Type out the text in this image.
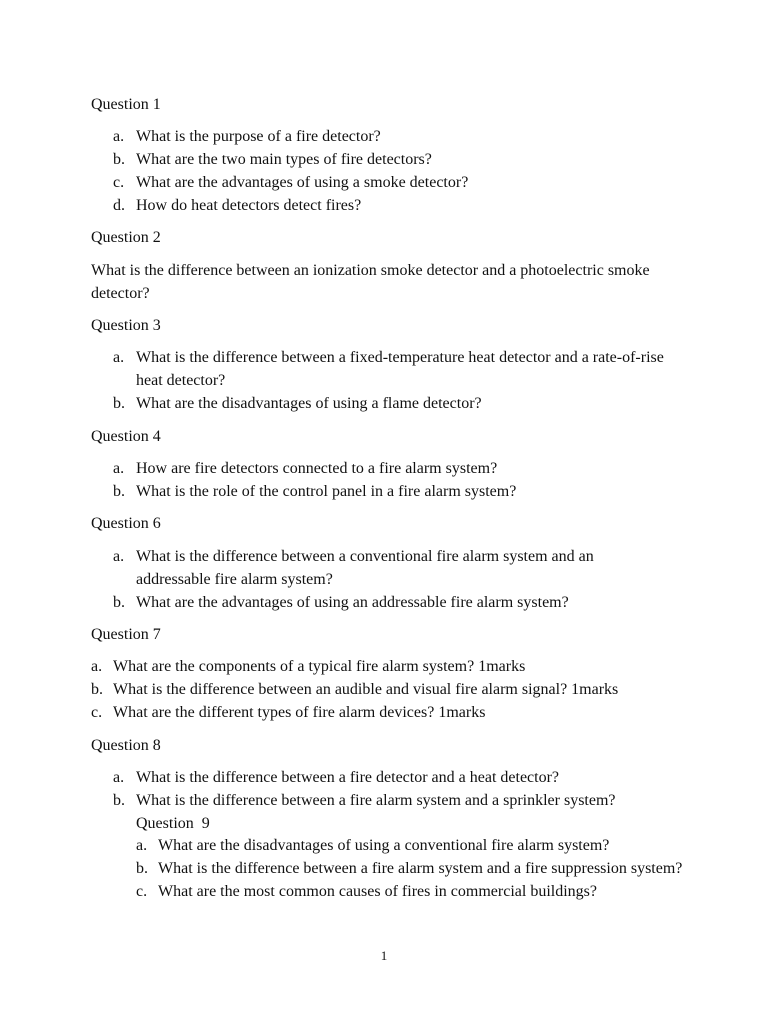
Question 1

a. What is the purpose of a fire detector?
b. What are the two main types of fire detectors?
c. What are the advantages of using a smoke detector?
d. How do heat detectors detect fires?

Question 2

What is the difference between an ionization smoke detector and a photoelectric smoke detector?

Question 3

a. What is the difference between a fixed-temperature heat detector and a rate-of-rise heat detector?
b. What are the disadvantages of using a flame detector?

Question 4

a. How are fire detectors connected to a fire alarm system?
b. What is the role of the control panel in a fire alarm system?

Question 6

a. What is the difference between a conventional fire alarm system and an addressable fire alarm system?
b. What are the advantages of using an addressable fire alarm system?

Question 7

a. What are the components of a typical fire alarm system? 1marks
b. What is the difference between an audible and visual fire alarm signal? 1marks
c. What are the different types of fire alarm devices? 1marks

Question 8

a. What is the difference between a fire detector and a heat detector?
b. What is the difference between a fire alarm system and a sprinkler system?

Question  9

a. What are the disadvantages of using a conventional fire alarm system?
b. What is the difference between a fire alarm system and a fire suppression system?
c. What are the most common causes of fires in commercial buildings?
1
